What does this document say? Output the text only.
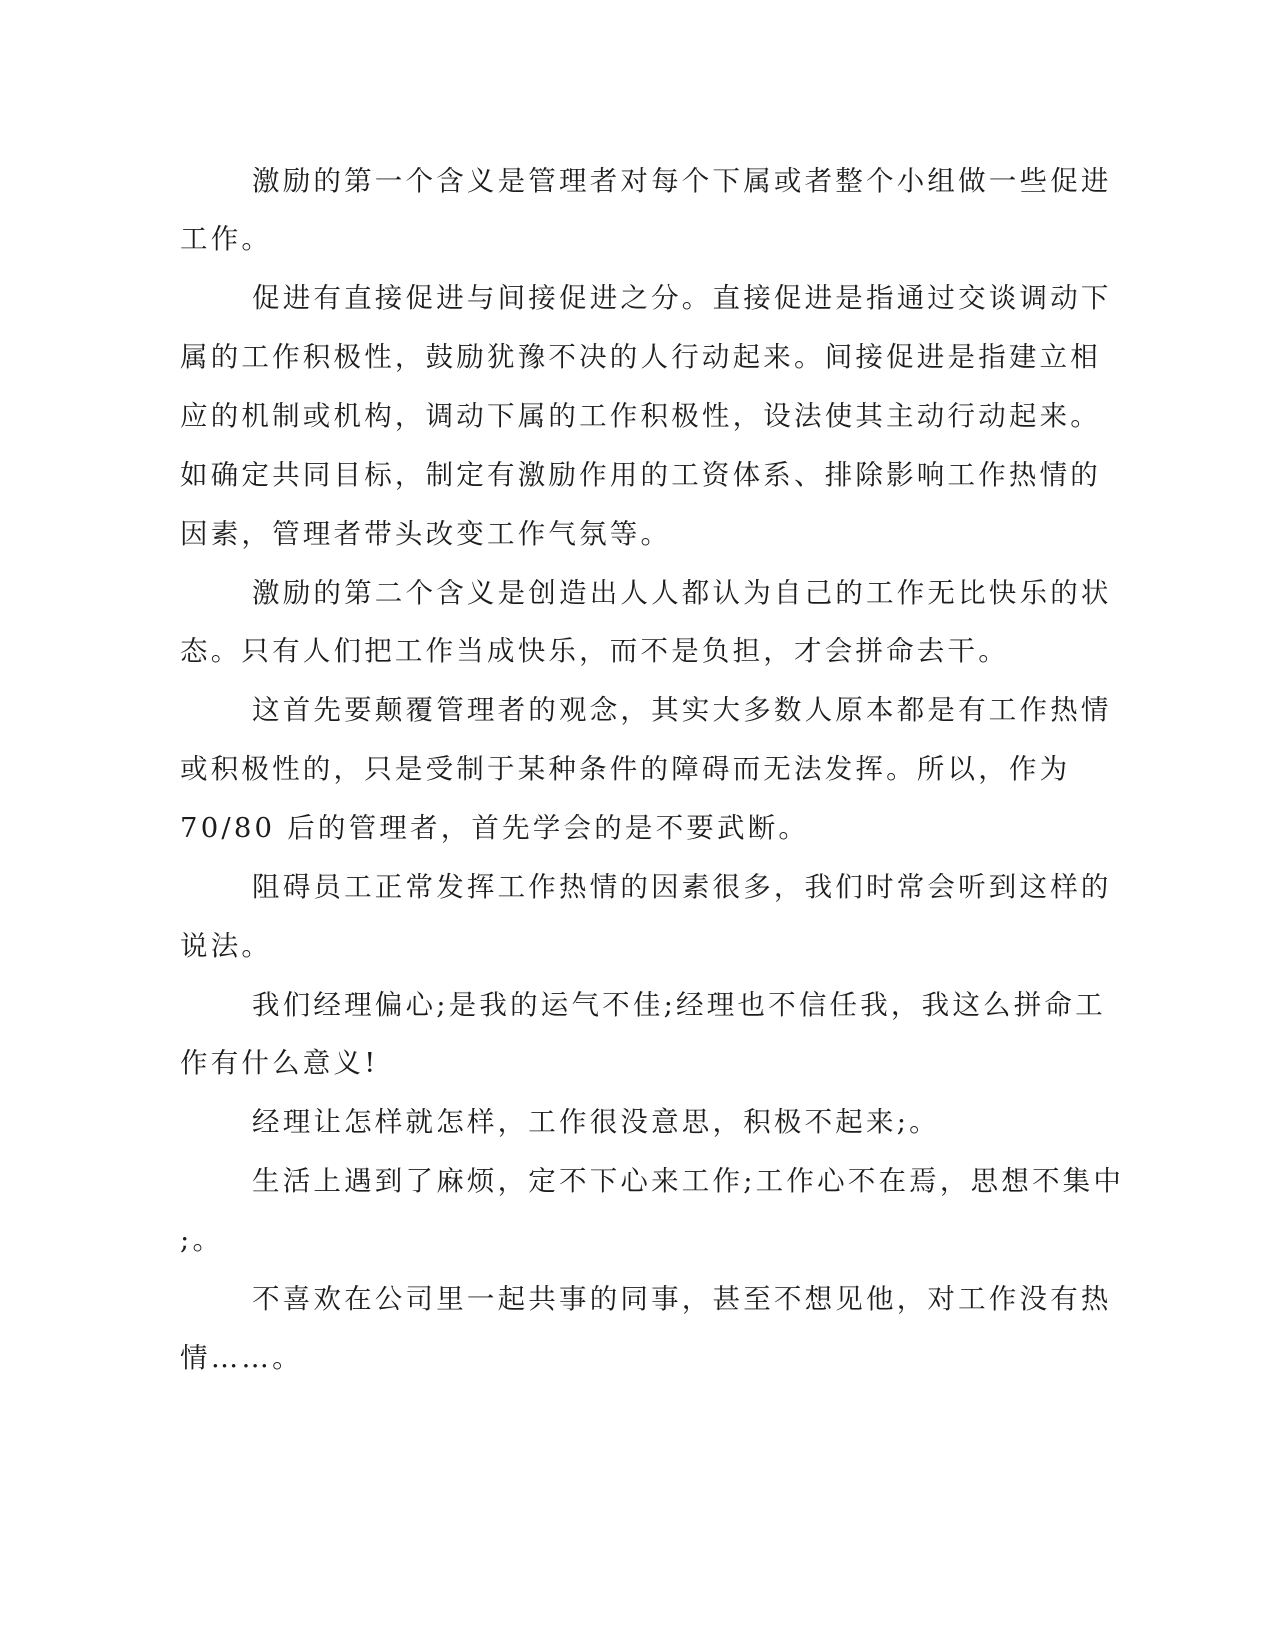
激励的第一个含义是管理者对每个下属或者整个小组做一些促进

工作。

促进有直接促进与间接促进之分。直接促进是指通过交谈调动下

属的工作积极性，鼓励犹豫不决的人行动起来。间接促进是指建立相

应的机制或机构，调动下属的工作积极性，设法使其主动行动起来。

如确定共同目标，制定有激励作用的工资体系、排除影响工作热情的

因素，管理者带头改变工作气氛等。

激励的第二个含义是创造出人人都认为自己的工作无比快乐的状

态。只有人们把工作当成快乐，而不是负担，才会拼命去干。

这首先要颠覆管理者的观念，其实大多数人原本都是有工作热情

或积极性的，只是受制于某种条件的障碍而无法发挥。所以，作为

70/80 后的管理者，首先学会的是不要武断。

阻碍员工正常发挥工作热情的因素很多，我们时常会听到这样的

说法。

我们经理偏心;是我的运气不佳;经理也不信任我，我这么拼命工

作有什么意义!

经理让怎样就怎样，工作很没意思，积极不起来;。

生活上遇到了麻烦，定不下心来工作;工作心不在焉，思想不集中

;。

不喜欢在公司里一起共事的同事，甚至不想见他，对工作没有热

情……。
